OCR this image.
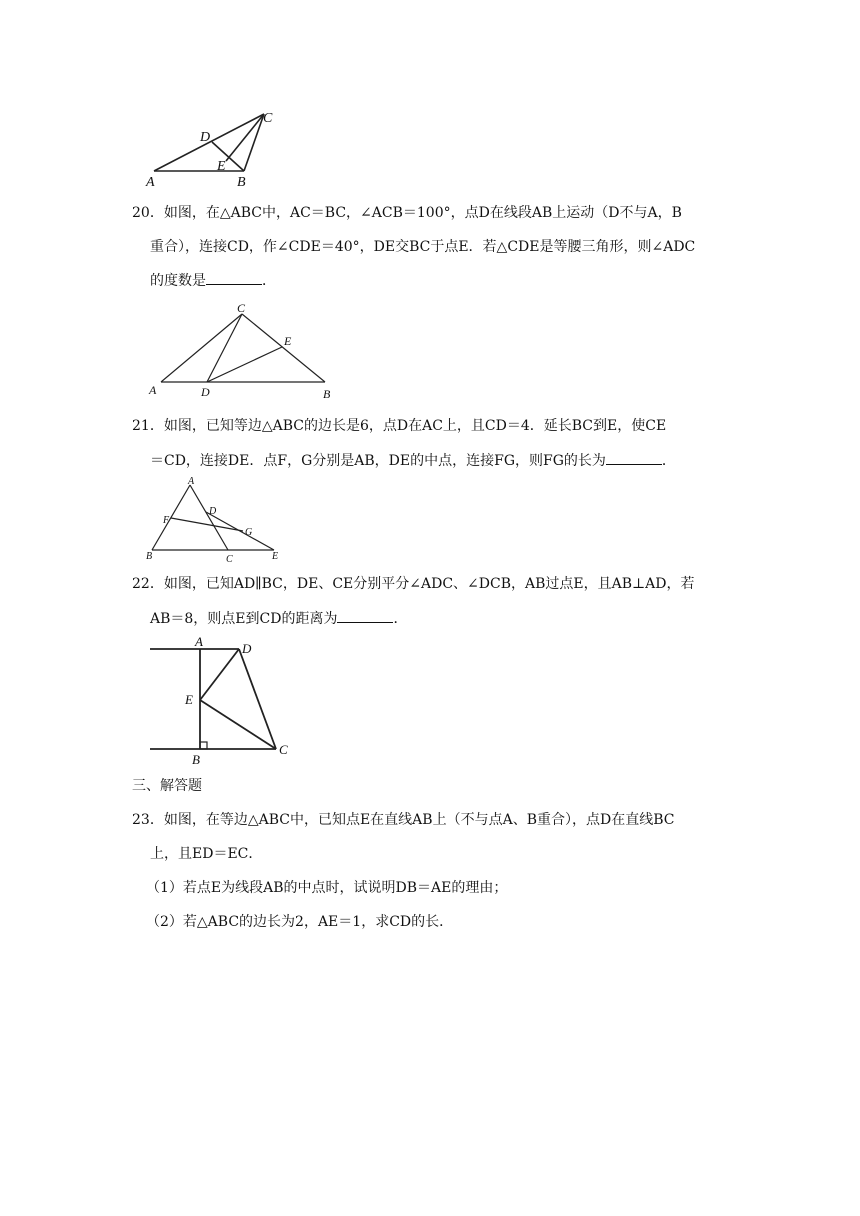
A	B
C
D
E
20．如图，在△ABC中，AC＝BC，∠ACB＝100°，点D在线段AB上运动（D不与A，B
重合），连接CD，作∠CDE＝40°，DE交BC于点E．若△CDE是等腰三角形，则∠ADC
的度数是	．
A	B
C
D
E
21．如图，已知等边△ABC的边长是6，点D在AC上，且CD＝4．延长BC到E，使CE
＝CD，连接DE．点F，G分别是AB，DE的中点，连接FG，则FG的长为	．
A
B	C
D
E
F
G
22．如图，已知AD∥BC，DE、CE分别平分∠ADC、∠DCB，AB过点E，且AB⊥AD，若
AB＝8，则点E到CD的距离为	．
A
B
C
D
E
三、解答题
23．如图，在等边△ABC中，已知点E在直线AB上（不与点A、B重合），点D在直线BC
上，且ED＝EC．
（1）若点E为线段AB的中点时，试说明DB＝AE的理由；
（2）若△ABC的边长为2，AE＝1，求CD的长．
